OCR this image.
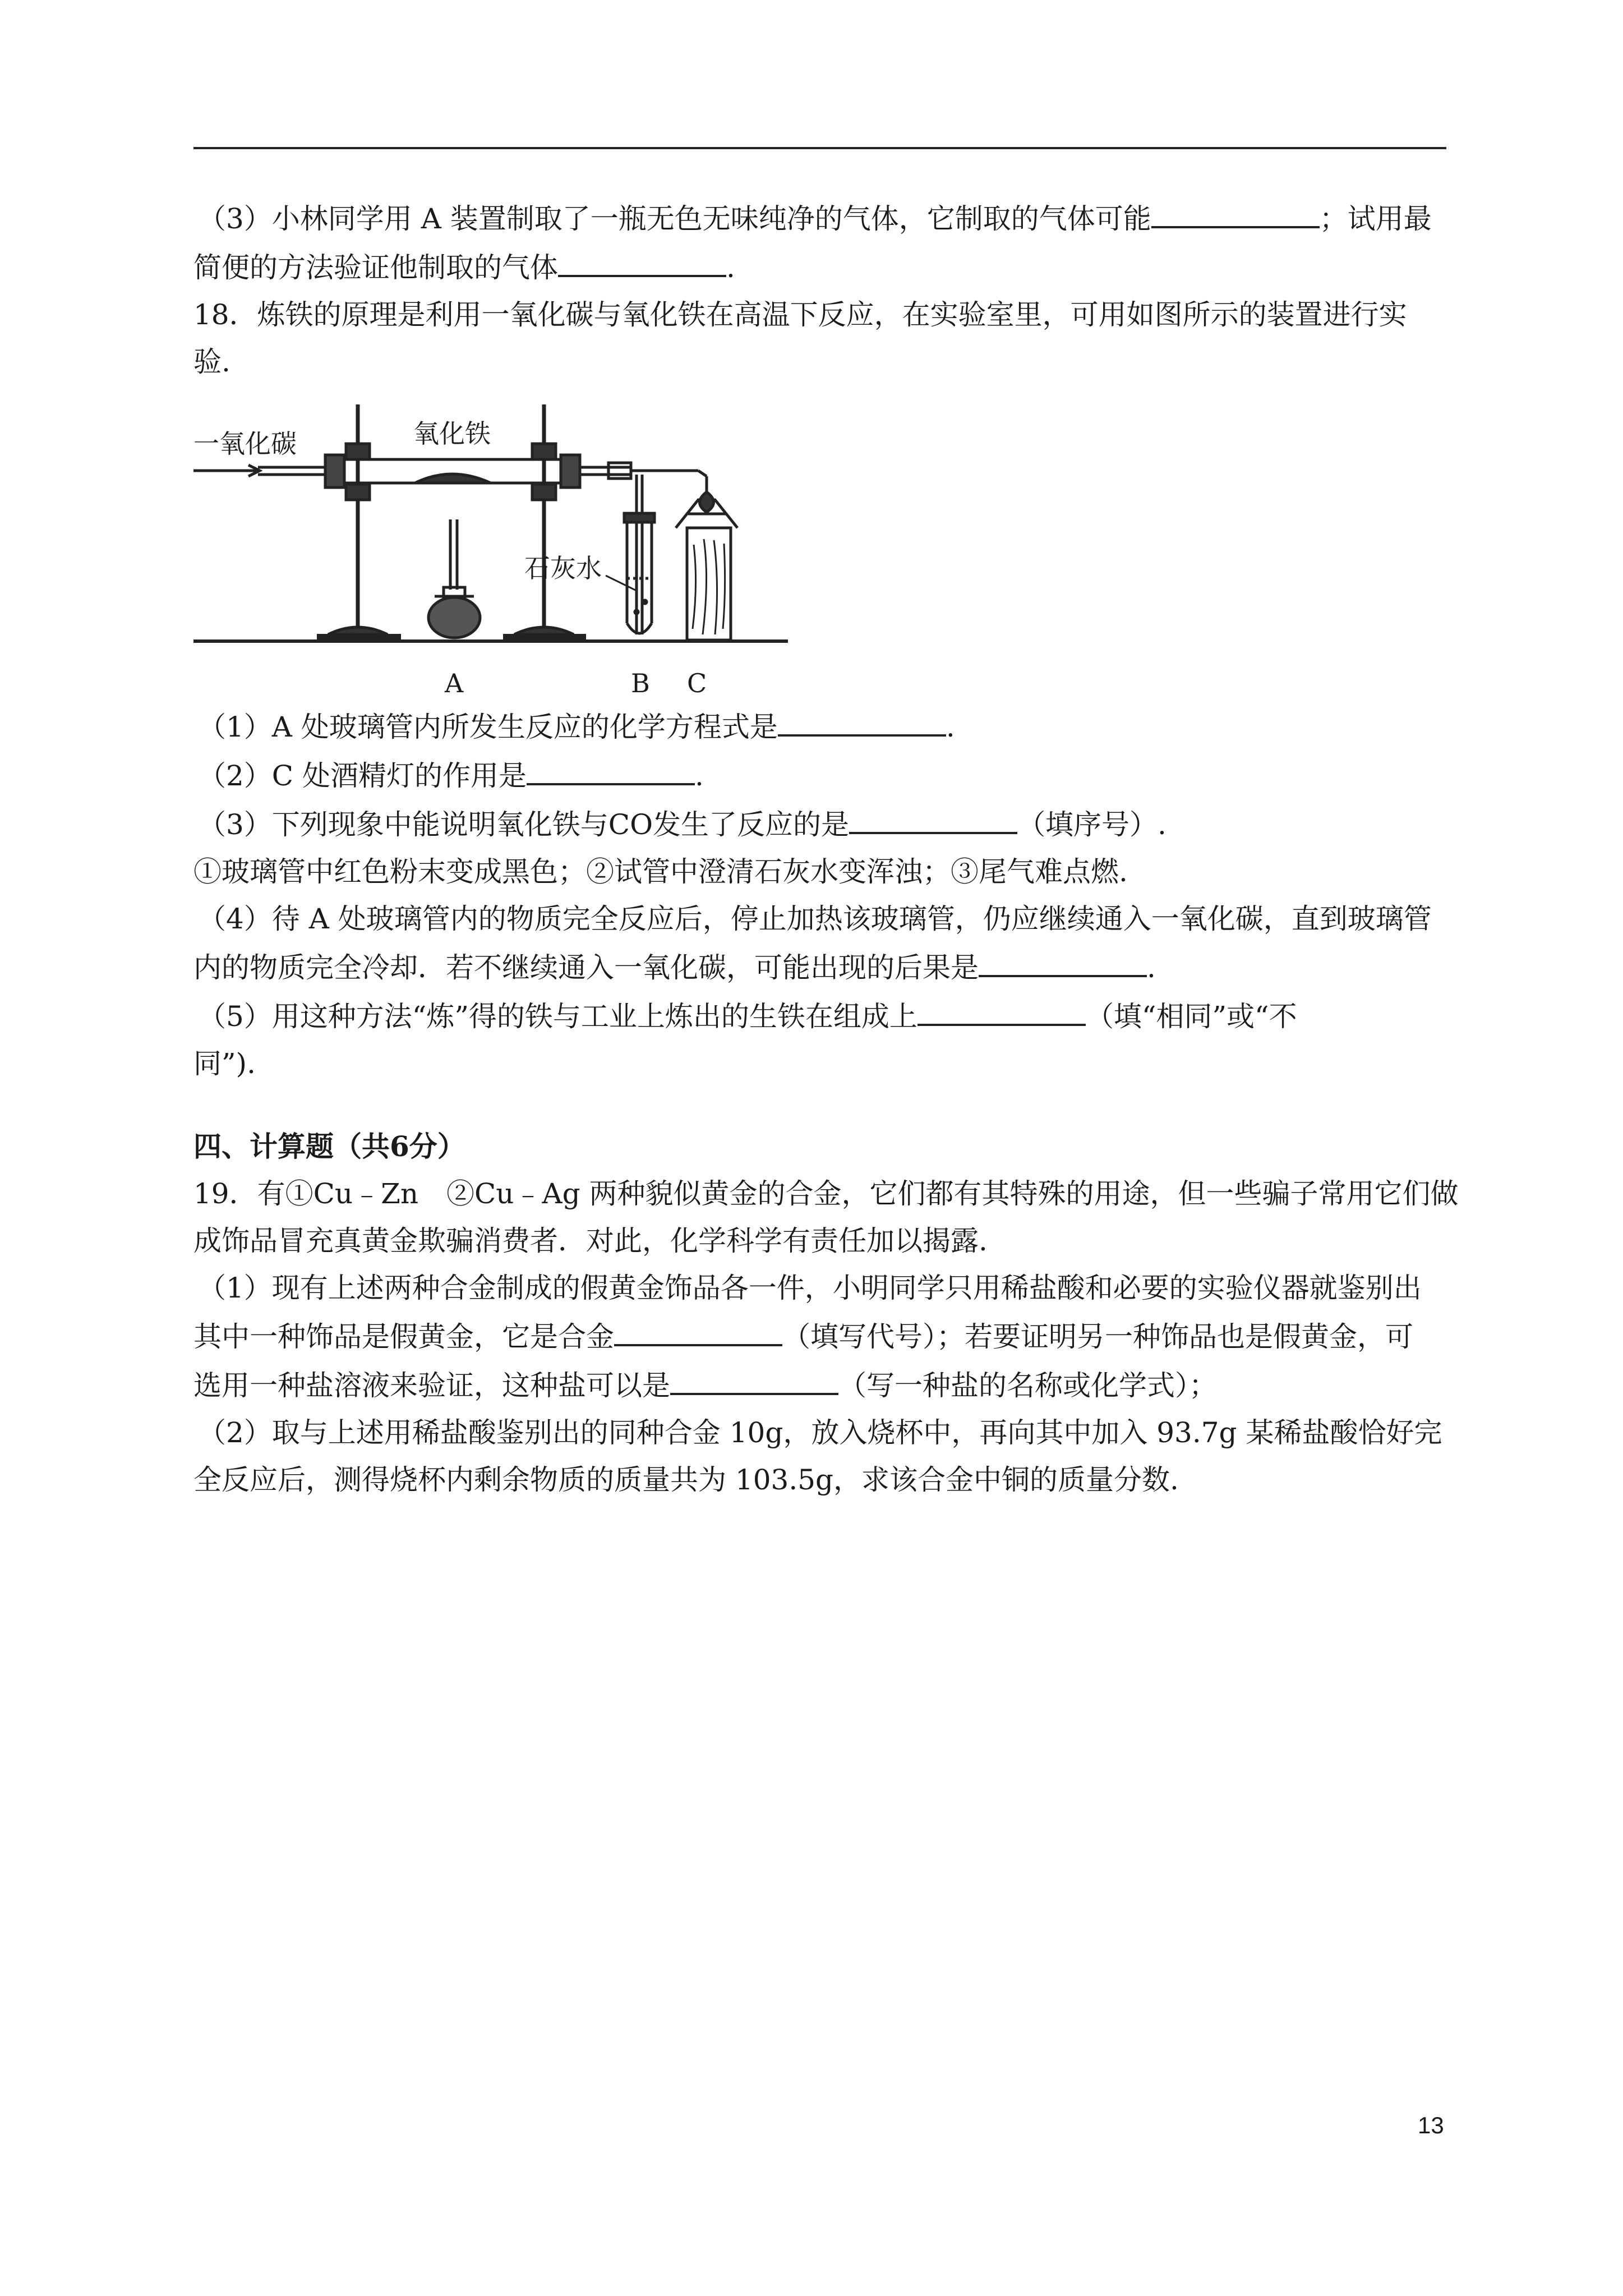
（3）小林同学用 A 装置制取了一瓶无色无味纯净的气体，它制取的气体可能	；试用最

简便的方法验证他制取的气体	.

18．炼铁的原理是利用一氧化碳与氧化铁在高温下反应，在实验室里，可用如图所示的装置进行实

验.

一氧化碳	氧化铁
石灰水
A	B C

（1）A 处玻璃管内所发生反应的化学方程式是	.

（2）C 处酒精灯的作用是	.

（3）下列现象中能说明氧化铁与CO发生了反应的是	（填序号）.

①玻璃管中红色粉末变成黑色；②试管中澄清石灰水变浑浊；③尾气难点燃.

（4）待 A 处玻璃管内的物质完全反应后，停止加热该玻璃管，仍应继续通入一氧化碳，直到玻璃管

内的物质完全冷却．若不继续通入一氧化碳，可能出现的后果是	.

（5）用这种方法“炼”得的铁与工业上炼出的生铁在组成上	（填“相同”或“不

同”).

四、计算题（共6分）

19．有①Cu﹣Zn　②Cu﹣Ag 两种貌似黄金的合金，它们都有其特殊的用途，但一些骗子常用它们做

成饰品冒充真黄金欺骗消费者．对此，化学科学有责任加以揭露.

（1）现有上述两种合金制成的假黄金饰品各一件，小明同学只用稀盐酸和必要的实验仪器就鉴别出

其中一种饰品是假黄金，它是合金	（填写代号）；若要证明另一种饰品也是假黄金，可

选用一种盐溶液来验证，这种盐可以是	（写一种盐的名称或化学式）；

（2）取与上述用稀盐酸鉴别出的同种合金 10g，放入烧杯中，再向其中加入 93.7g 某稀盐酸恰好完

全反应后，测得烧杯内剩余物质的质量共为 103.5g，求该合金中铜的质量分数.

13
